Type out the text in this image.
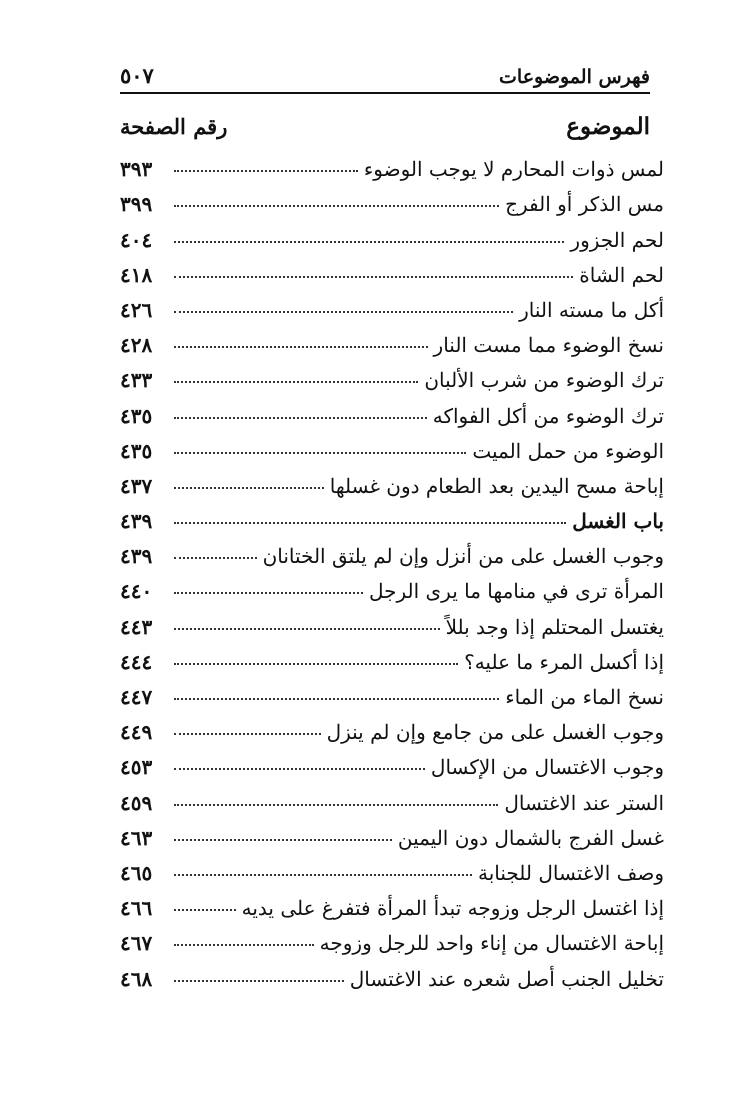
فهرس الموضوعات
٥٠٧
الموضوع
رقم الصفحة
لمس ذوات المحارم لا يوجب الوضوء
٣٩٣
مس الذكر أو الفرج
٣٩٩
لحم الجزور
٤٠٤
لحم الشاة
٤١٨
أكل ما مسته النار
٤٢٦
نسخ الوضوء مما مست النار
٤٢٨
ترك الوضوء من شرب الألبان
٤٣٣
ترك الوضوء من أكل الفواكه
٤٣٥
الوضوء من حمل الميت
٤٣٥
إباحة مسح اليدين بعد الطعام دون غسلها
٤٣٧
باب الغسل
٤٣٩
وجوب الغسل على من أنزل وإن لم يلتق الختانان
٤٣٩
المرأة ترى في منامها ما يرى الرجل
٤٤٠
يغتسل المحتلم إذا وجد بللاً
٤٤٣
إذا أكسل المرء ما عليه؟
٤٤٤
نسخ الماء من الماء
٤٤٧
وجوب الغسل على من جامع وإن لم ينزل
٤٤٩
وجوب الاغتسال من الإكسال
٤٥٣
الستر عند الاغتسال
٤٥٩
غسل الفرج بالشمال دون اليمين
٤٦٣
وصف الاغتسال للجنابة
٤٦٥
إذا اغتسل الرجل وزوجه تبدأ المرأة فتفرغ على يديه
٤٦٦
إباحة الاغتسال من إناء واحد للرجل وزوجه
٤٦٧
تخليل الجنب أصل شعره عند الاغتسال
٤٦٨
